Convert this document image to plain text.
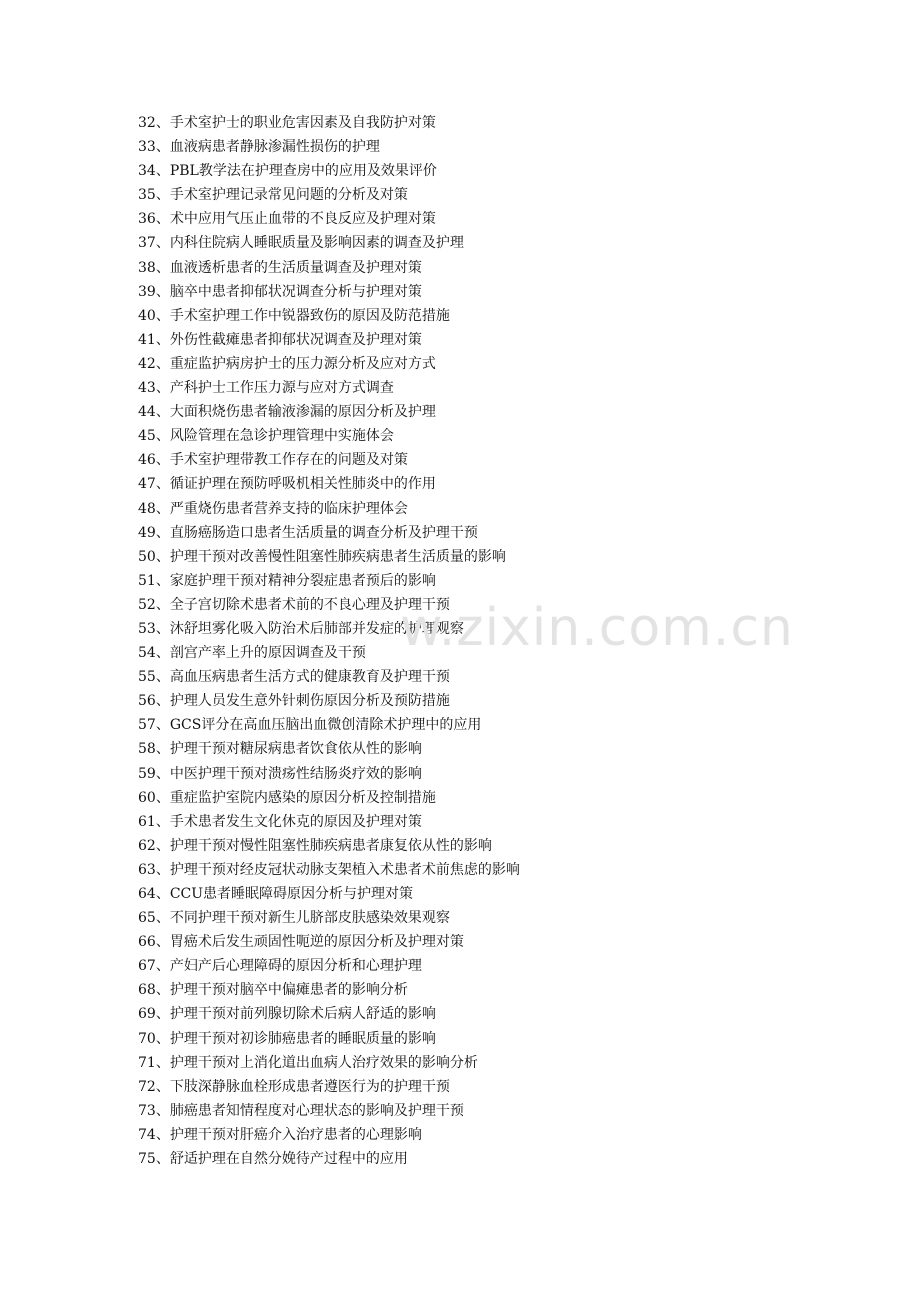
32、手术室护士的职业危害因素及自我防护对策
33、血液病患者静脉渗漏性损伤的护理
34、PBL教学法在护理查房中的应用及效果评价
35、手术室护理记录常见问题的分析及对策
36、术中应用气压止血带的不良反应及护理对策
37、内科住院病人睡眠质量及影响因素的调查及护理
38、血液透析患者的生活质量调查及护理对策
39、脑卒中患者抑郁状况调查分析与护理对策
40、手术室护理工作中锐器致伤的原因及防范措施
41、外伤性截瘫患者抑郁状况调查及护理对策
42、重症监护病房护士的压力源分析及应对方式
43、产科护士工作压力源与应对方式调查
44、大面积烧伤患者输液渗漏的原因分析及护理
45、风险管理在急诊护理管理中实施体会
46、手术室护理带教工作存在的问题及对策
47、循证护理在预防呼吸机相关性肺炎中的作用
48、严重烧伤患者营养支持的临床护理体会
49、直肠癌肠造口患者生活质量的调查分析及护理干预
50、护理干预对改善慢性阻塞性肺疾病患者生活质量的影响
51、家庭护理干预对精神分裂症患者预后的影响
52、全子宫切除术患者术前的不良心理及护理干预
53、沐舒坦雾化吸入防治术后肺部并发症的护理观察
54、剖宫产率上升的原因调查及干预
55、高血压病患者生活方式的健康教育及护理干预
56、护理人员发生意外针刺伤原因分析及预防措施
57、GCS评分在高血压脑出血微创清除术护理中的应用
58、护理干预对糖尿病患者饮食依从性的影响
59、中医护理干预对溃疡性结肠炎疗效的影响
60、重症监护室院内感染的原因分析及控制措施
61、手术患者发生文化休克的原因及护理对策
62、护理干预对慢性阻塞性肺疾病患者康复依从性的影响
63、护理干预对经皮冠状动脉支架植入术患者术前焦虑的影响
64、CCU患者睡眠障碍原因分析与护理对策
65、不同护理干预对新生儿脐部皮肤感染效果观察
66、胃癌术后发生顽固性呃逆的原因分析及护理对策
67、产妇产后心理障碍的原因分析和心理护理
68、护理干预对脑卒中偏瘫患者的影响分析
69、护理干预对前列腺切除术后病人舒适的影响
70、护理干预对初诊肺癌患者的睡眠质量的影响
71、护理干预对上消化道出血病人治疗效果的影响分析
72、下肢深静脉血栓形成患者遵医行为的护理干预
73、肺癌患者知情程度对心理状态的影响及护理干预
74、护理干预对肝癌介入治疗患者的心理影响
75、舒适护理在自然分娩待产过程中的应用
w.zixin.com.cn
